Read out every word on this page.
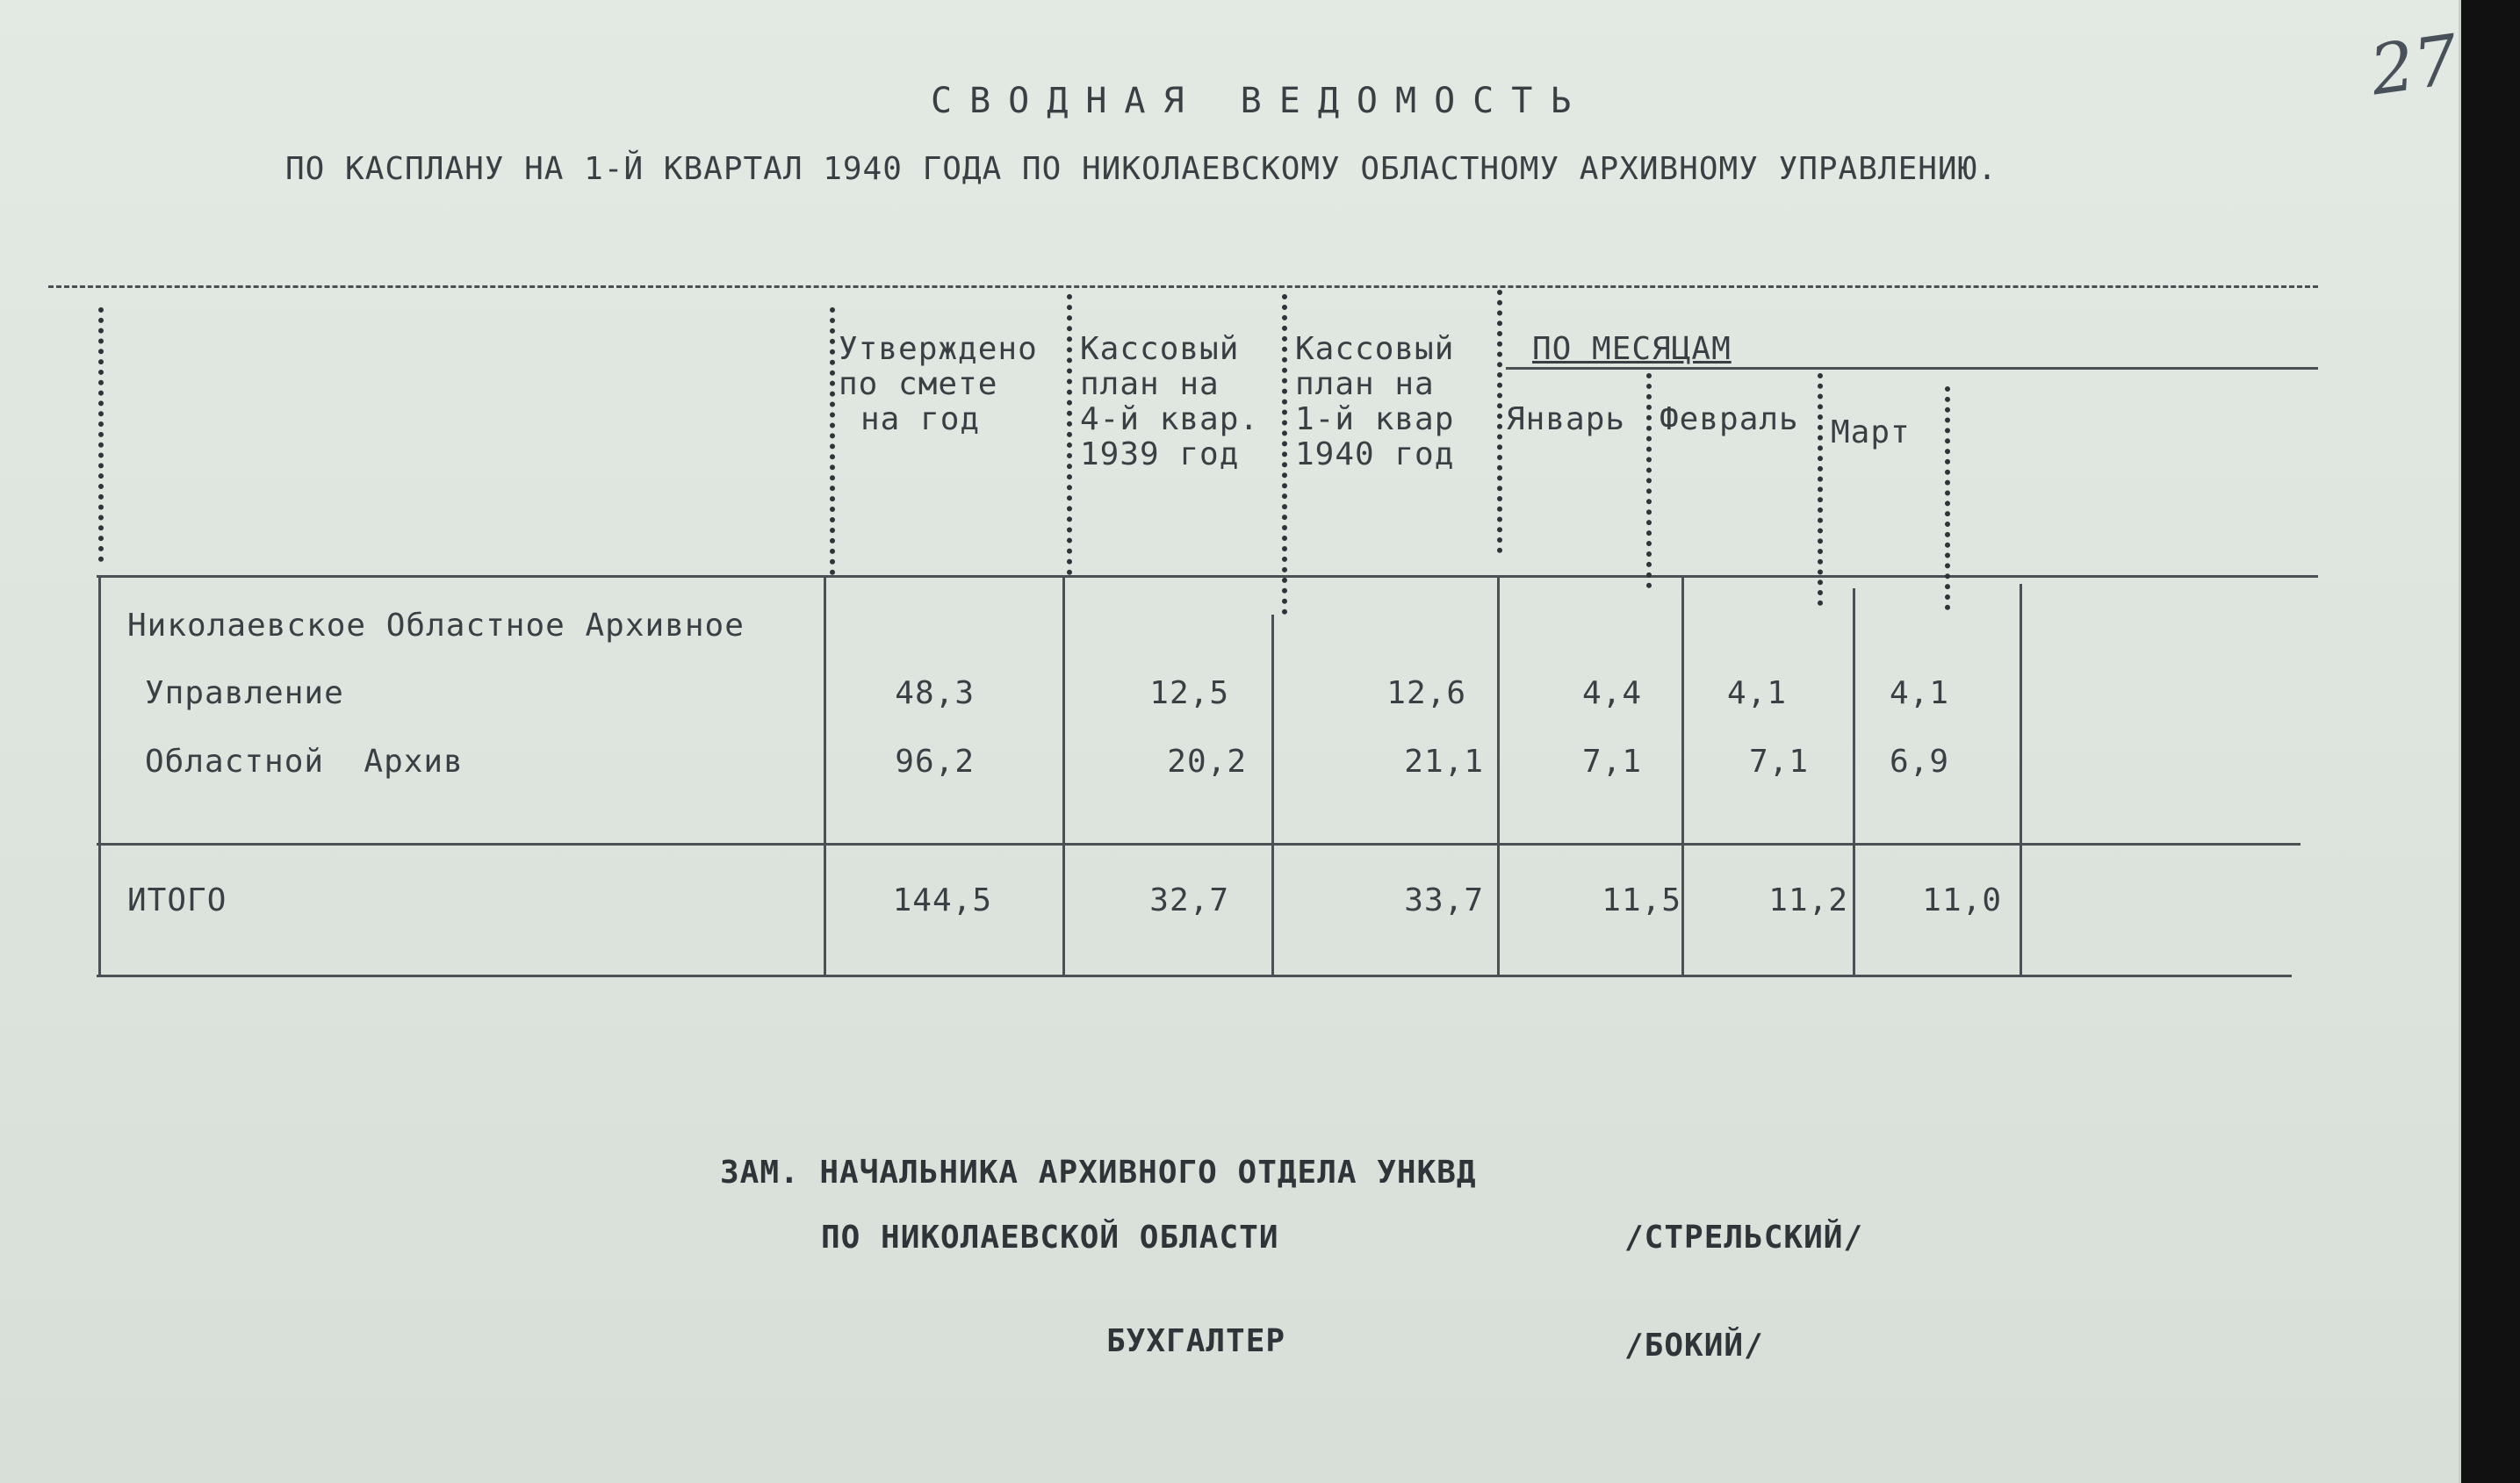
27
СВОДНАЯ ВЕДОМОСТЬ
ПО КАСПЛАНУ НА 1-Й КВАРТАЛ 1940 ГОДА ПО НИКОЛАЕВСКОМУ ОБЛАСТНОМУ АРХИВНОМУ УПРАВЛЕНИЮ.
Утверждено
по смете
на год
Кассовый
план на
4-й квар.
1939 год
Кассовый
план на
1-й квар
1940 год
ПО МЕСЯЦАМ
Январь Февраль Март
Николаевское Областное Архивное
Управление	48,3	12,5	12,6	4,4	4,1	4,1
Областной  Архив	96,2	20,2	21,1	7,1	7,1	6,9
ИТОГО	144,5	32,7	33,7	11,5	11,2	11,0
ЗАМ. НАЧАЛЬНИКА АРХИВНОГО ОТДЕЛА УНКВД
ПО НИКОЛАЕВСКОЙ ОБЛАСТИ	/СТРЕЛЬСКИЙ/
БУХГАЛТЕР	/БОКИЙ/
